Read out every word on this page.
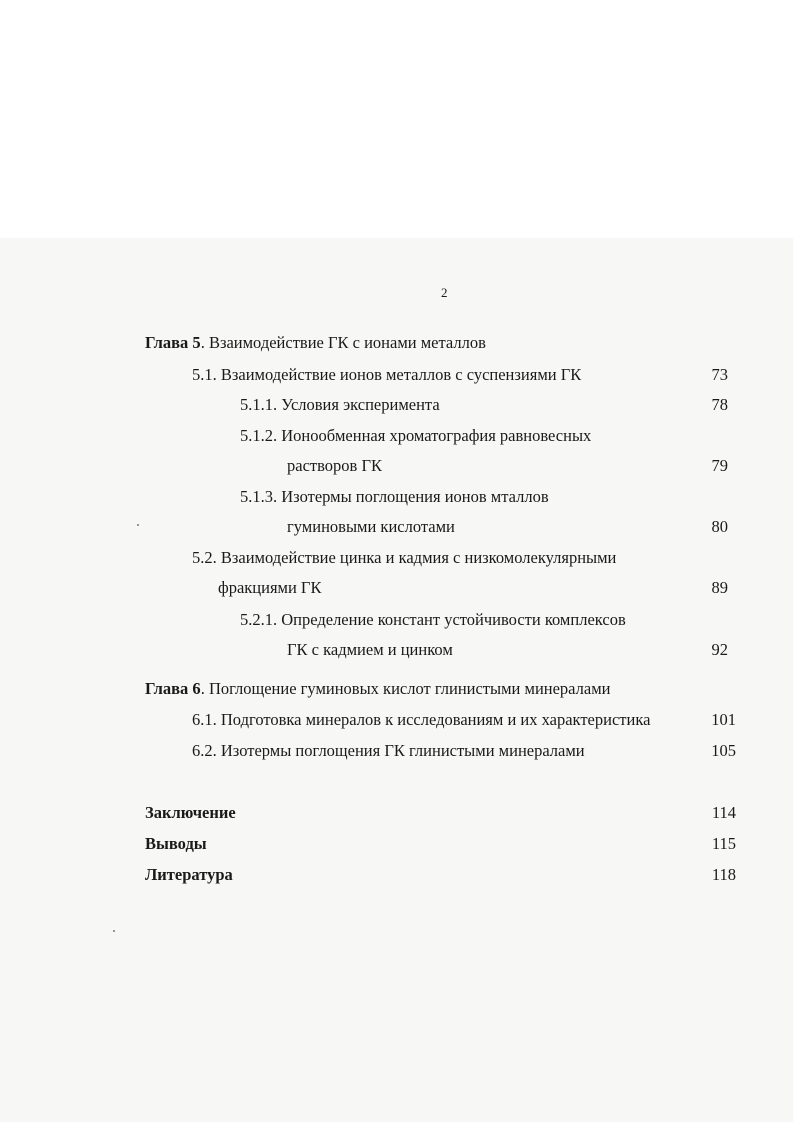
2
Глава 5. Взаимодействие ГК с ионами металлов
5.1. Взаимодействие ионов металлов с суспензиями ГК	73
5.1.1. Условия эксперимента	78
5.1.2. Ионообменная хроматография равновесных
растворов ГК	79
5.1.3. Изотермы поглощения ионов мталлов
гуминовыми кислотами	80
5.2. Взаимодействие цинка и кадмия с низкомолекулярными
фракциями ГК	89
5.2.1. Определение констант устойчивости комплексов
ГК с кадмием и цинком	92
Глава 6. Поглощение гуминовых кислот глинистыми минералами
6.1. Подготовка минералов к исследованиям и их характеристика	101
6.2. Изотермы поглощения ГК глинистыми минералами	105
Заключение	114
Выводы	115
Литература	118
